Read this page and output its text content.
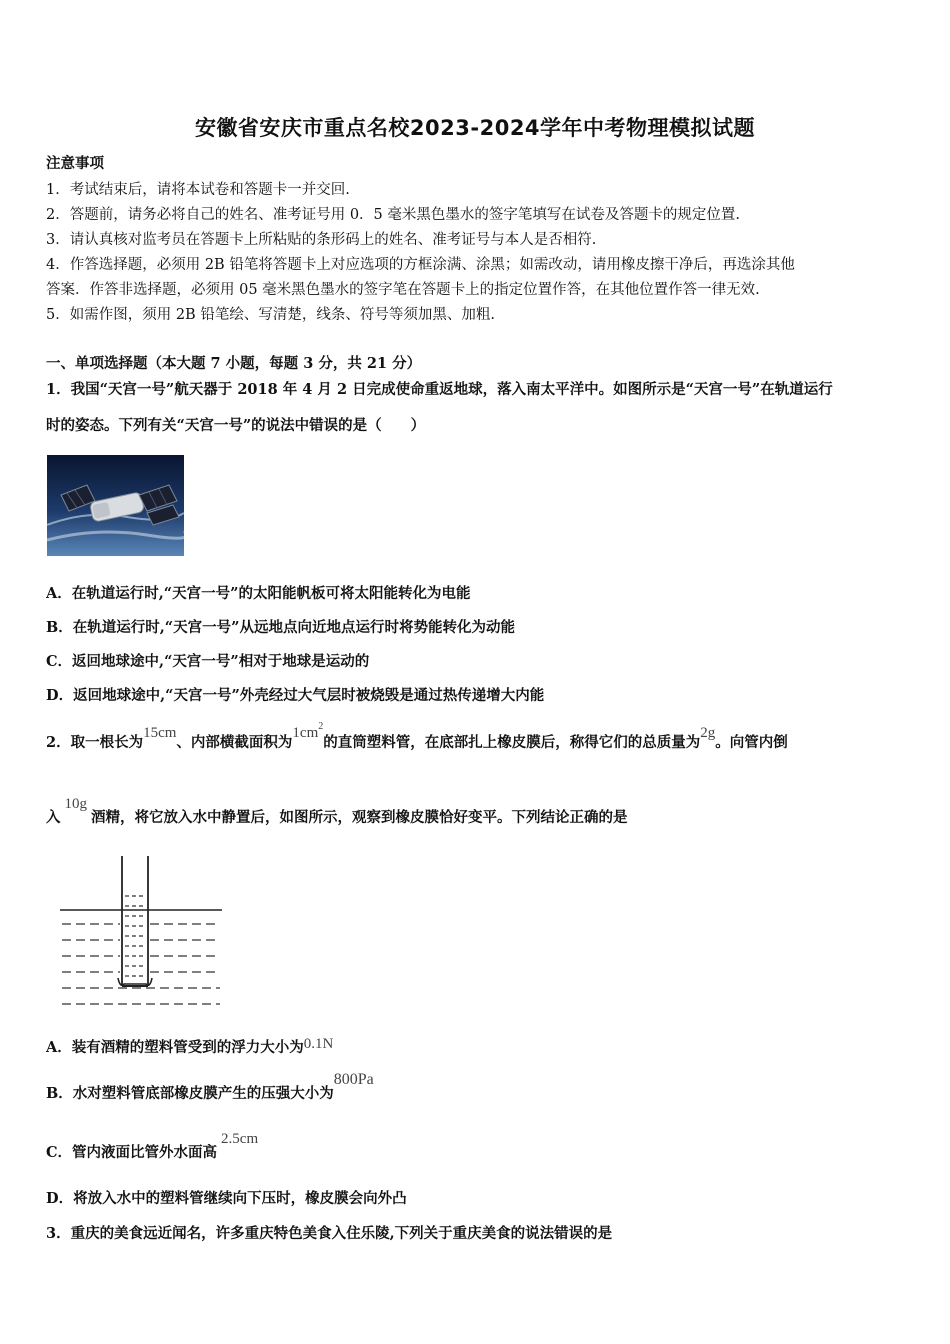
安徽省安庆市重点名校2023-2024学年中考物理模拟试题
注意事项
1．考试结束后，请将本试卷和答题卡一并交回.
2．答题前，请务必将自己的姓名、准考证号用 0．5 毫米黑色墨水的签字笔填写在试卷及答题卡的规定位置.
3．请认真核对监考员在答题卡上所粘贴的条形码上的姓名、准考证号与本人是否相符.
4．作答选择题，必须用 2B 铅笔将答题卡上对应选项的方框涂满、涂黑；如需改动，请用橡皮擦干净后，再选涂其他
答案．作答非选择题，必须用 05 毫米黑色墨水的签字笔在答题卡上的指定位置作答，在其他位置作答一律无效.
5．如需作图，须用 2B 铅笔绘、写清楚，线条、符号等须加黑、加粗.
一、单项选择题（本大题 7 小题，每题 3 分，共 21 分）
1．我国“天宫一号”航天器于 2018 年 4 月 2 日完成使命重返地球，落入南太平洋中。如图所示是“天宫一号”在轨道运行
时的姿态。下列有关“天宫一号”的说法中错误的是（　　）
A．在轨道运行时,“天宫一号”的太阳能帆板可将太阳能转化为电能
B．在轨道运行时,“天宫一号”从远地点向近地点运行时将势能转化为动能
C．返回地球途中,“天宫一号”相对于地球是运动的
D．返回地球途中,“天宫一号”外壳经过大气层时被烧毁是通过热传递增大内能
2．取一根长为15cm、内部横截面积为$1cm^2$的直筒塑料管，在底部扎上橡皮膜后，称得它们的总质量为2g。向管内倒
入10g酒精，将它放入水中静置后，如图所示，观察到橡皮膜恰好变平。下列结论正确的是
A．装有酒精的塑料管受到的浮力大小为0.1N
B．水对塑料管底部橡皮膜产生的压强大小为800Pa
C．管内液面比管外水面高2.5cm
D．将放入水中的塑料管继续向下压时，橡皮膜会向外凸
3．重庆的美食远近闻名，许多重庆特色美食入住乐陵,下列关于重庆美食的说法错误的是
